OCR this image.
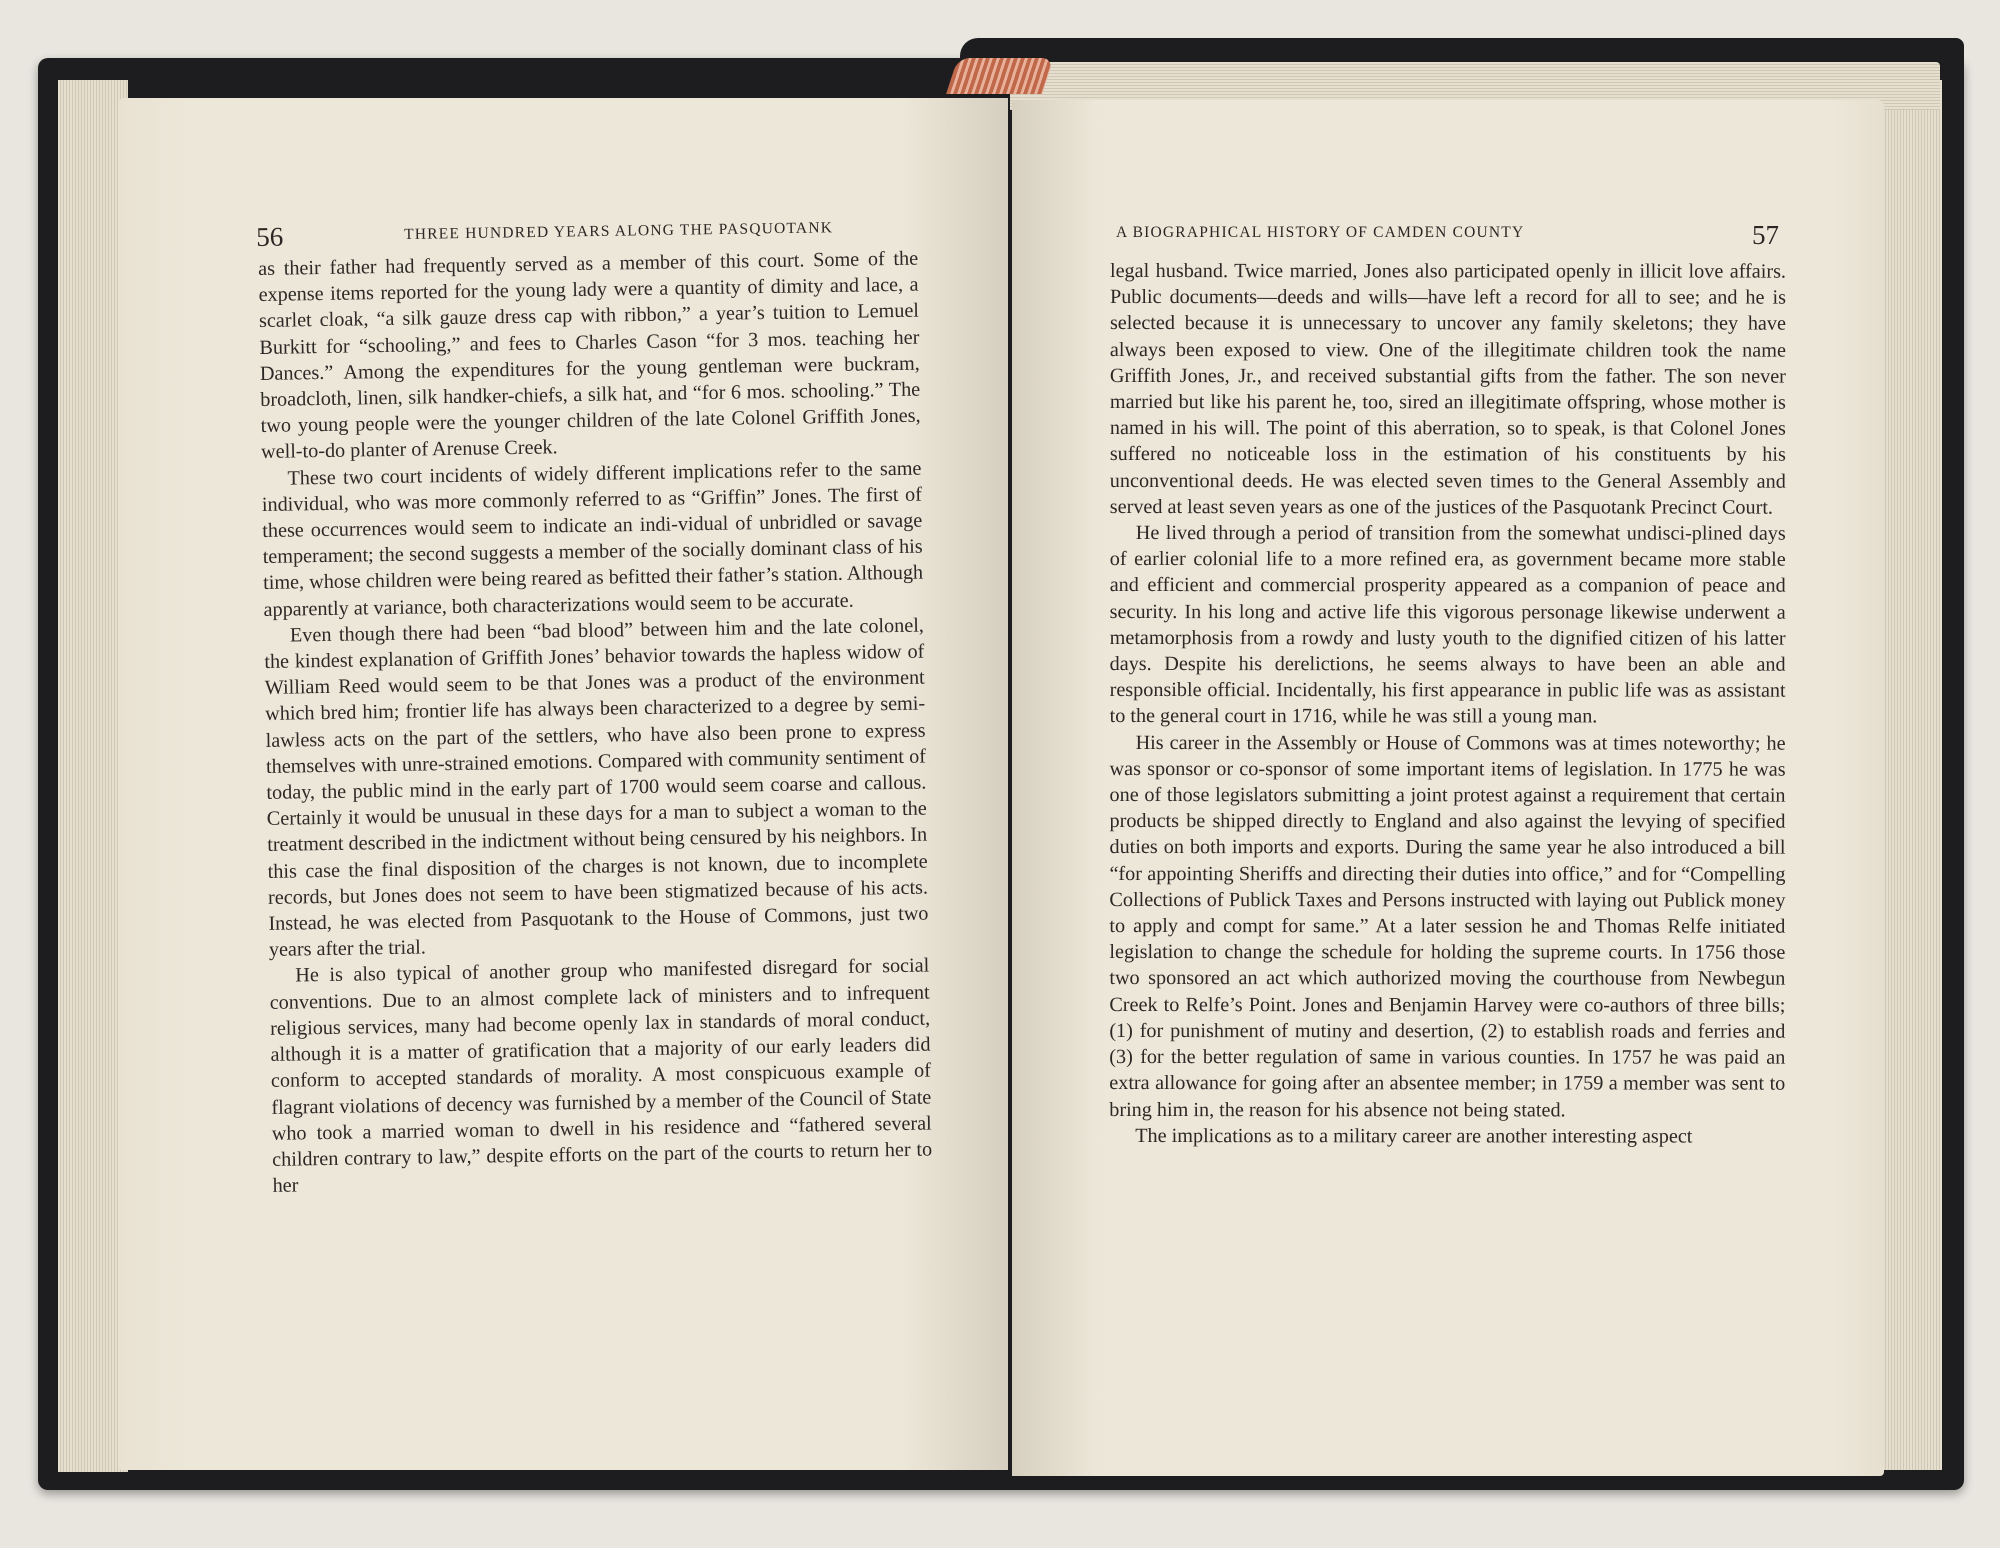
56	THREE HUNDRED YEARS ALONG THE PASQUOTANK

as their father had frequently served as a member of this court. Some of the expense items reported for the young lady were a quantity of dimity and lace, a scarlet cloak, “a silk gauze dress cap with ribbon,” a year’s tuition to Lemuel Burkitt for “schooling,” and fees to Charles Cason “for 3 mos. teaching her Dances.” Among the expenditures for the young gentleman were buckram, broadcloth, linen, silk handker-chiefs, a silk hat, and “for 6 mos. schooling.” The two young people were the younger children of the late Colonel Griffith Jones, well-to-do planter of Arenuse Creek.

These two court incidents of widely different implications refer to the same individual, who was more commonly referred to as “Griffin” Jones. The first of these occurrences would seem to indicate an indi-vidual of unbridled or savage temperament; the second suggests a member of the socially dominant class of his time, whose children were being reared as befitted their father’s station. Although apparently at variance, both characterizations would seem to be accurate.

Even though there had been “bad blood” between him and the late colonel, the kindest explanation of Griffith Jones’ behavior towards the hapless widow of William Reed would seem to be that Jones was a product of the environment which bred him; frontier life has always been characterized to a degree by semi-lawless acts on the part of the settlers, who have also been prone to express themselves with unre-strained emotions. Compared with community sentiment of today, the public mind in the early part of 1700 would seem coarse and callous. Certainly it would be unusual in these days for a man to subject a woman to the treatment described in the indictment without being censured by his neighbors. In this case the final disposition of the charges is not known, due to incomplete records, but Jones does not seem to have been stigmatized because of his acts. Instead, he was elected from Pasquotank to the House of Commons, just two years after the trial.

He is also typical of another group who manifested disregard for social conventions. Due to an almost complete lack of ministers and to infrequent religious services, many had become openly lax in standards of moral conduct, although it is a matter of gratification that a majority of our early leaders did conform to accepted standards of morality. A most conspicuous example of flagrant violations of decency was furnished by a member of the Council of State who took a married woman to dwell in his residence and “fathered several children contrary to law,” despite efforts on the part of the courts to return her to her

A BIOGRAPHICAL HISTORY OF CAMDEN COUNTY	57

legal husband. Twice married, Jones also participated openly in illicit love affairs. Public documents—deeds and wills—have left a record for all to see; and he is selected because it is unnecessary to uncover any family skeletons; they have always been exposed to view. One of the illegitimate children took the name Griffith Jones, Jr., and received substantial gifts from the father. The son never married but like his parent he, too, sired an illegitimate offspring, whose mother is named in his will. The point of this aberration, so to speak, is that Colonel Jones suffered no noticeable loss in the estimation of his constituents by his unconventional deeds. He was elected seven times to the General Assembly and served at least seven years as one of the justices of the Pasquotank Precinct Court.

He lived through a period of transition from the somewhat undisci-plined days of earlier colonial life to a more refined era, as government became more stable and efficient and commercial prosperity appeared as a companion of peace and security. In his long and active life this vigorous personage likewise underwent a metamorphosis from a rowdy and lusty youth to the dignified citizen of his latter days. Despite his derelictions, he seems always to have been an able and responsible official. Incidentally, his first appearance in public life was as assistant to the general court in 1716, while he was still a young man.

His career in the Assembly or House of Commons was at times noteworthy; he was sponsor or co-sponsor of some important items of legislation. In 1775 he was one of those legislators submitting a joint protest against a requirement that certain products be shipped directly to England and also against the levying of specified duties on both imports and exports. During the same year he also introduced a bill “for appointing Sheriffs and directing their duties into office,” and for “Compelling Collections of Publick Taxes and Persons instructed with laying out Publick money to apply and compt for same.” At a later session he and Thomas Relfe initiated legislation to change the schedule for holding the supreme courts. In 1756 those two sponsored an act which authorized moving the courthouse from Newbegun Creek to Relfe’s Point. Jones and Benjamin Harvey were co-authors of three bills; (1) for punishment of mutiny and desertion, (2) to establish roads and ferries and (3) for the better regulation of same in various counties. In 1757 he was paid an extra allowance for going after an absentee member; in 1759 a member was sent to bring him in, the reason for his absence not being stated.

The implications as to a military career are another interesting aspect
